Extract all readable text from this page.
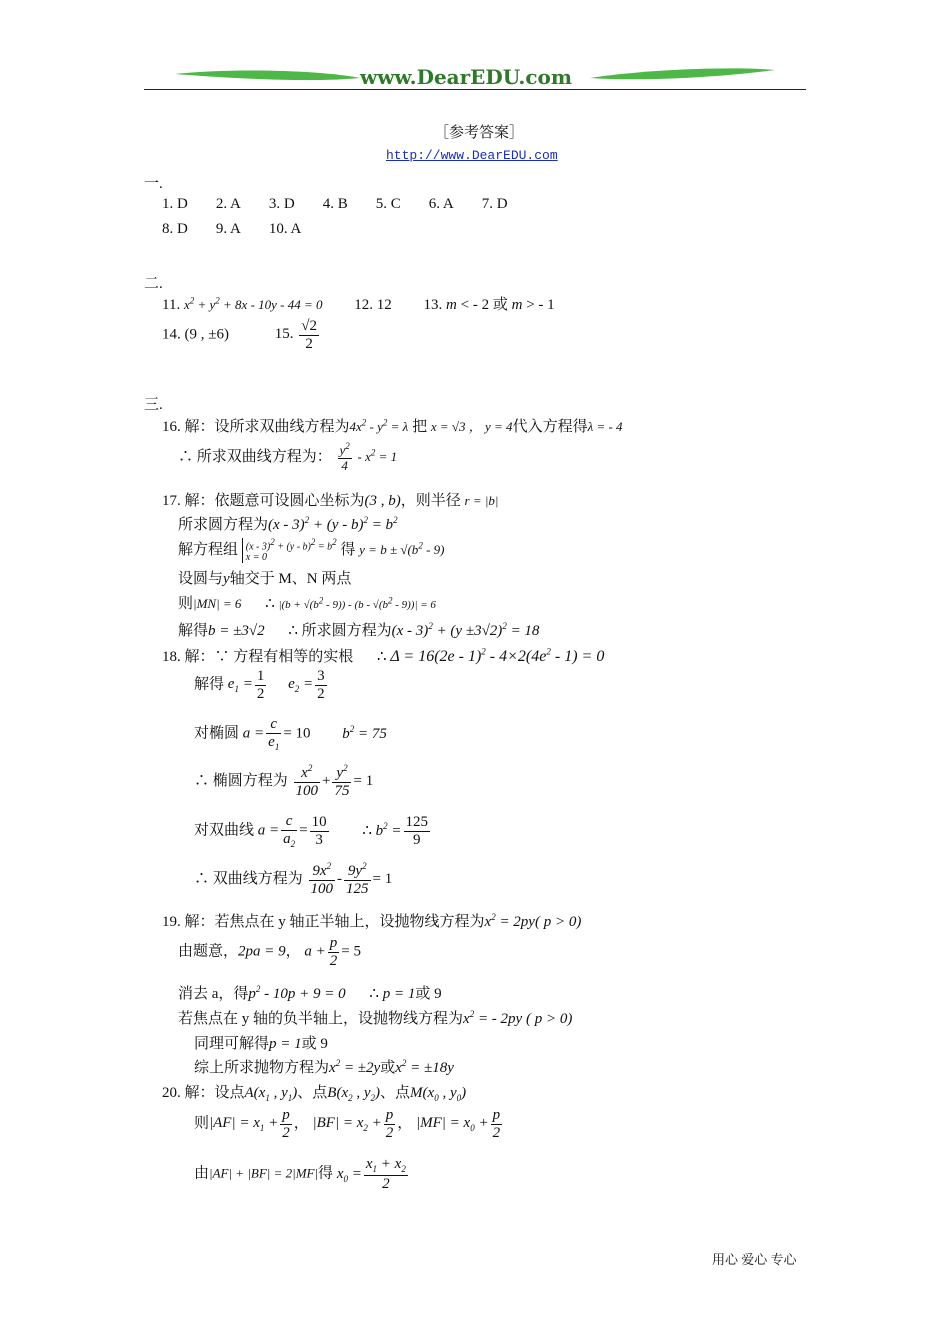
www.DearEDU.com
［参考答案］
http://www.DearEDU.com
一.
1. D 2. A 3. D 4. B 5. C 6. A 7. D
8. D 9. A 10. A
二.
11. $x^2 + y^2 + 8x - 10y - 44 = 0$ 12. 12 13. m < - 2 或 m > - 1
14. (9 , ±6)	15. $\frac{√2}{2}$
三.
16. 解：设所求双曲线方程为$4x^2 - y^2 = \lambda$ 把 x = √3 ， y = 4代入方程得λ = - 4
∴ 所求双曲线方程为： $\frac{y^2}{4} - x^2 = 1$
17. 解：依题意可设圆心坐标为(3 , b)，则半径 r = |b|
所求圆方程为$(x - 3)^2 + (y - b)^2 = b^2$
解方程组 $(x - 3)^2 + (y - b)^2 = b^2$
x = 0	得 $y = b \pm √(b^2 - 9)$
设圆与y轴交于 M、N 两点
则|MN| = 6 ∴ $|(b + √(b^2 - 9)) - (b - √(b^2 - 9))| = 6$
解得b = ±3√2 ∴ 所求圆方程为$(x - 3)^2 + (y \pm 3√2)^2 = 18$
18. 解：∵ 方程有相等的实根 ∴ $\Delta = 16(2e - 1)^2 - 4\times 2(4e^2 - 1) = 0$
解得 $e_1 = \frac{1}{2} e_2 = \frac{3}{2}$
对椭圆 $a = \frac{c}{e_1} = 10$ $b^2 = 75$
∴ 椭圆方程为 $\frac{x^2}{100} + \frac{y^2}{75} = 1$
对双曲线 $a = \frac{c}{a_2} = \frac{10}{3}$ ∴ $b^2 = \frac{125}{9}$
∴ 双曲线方程为 $\frac{9x^2}{100} - \frac{9y^2}{125} = 1$
19. 解：若焦点在 y 轴正半轴上，设抛物线方程为$x^2 = 2py$( p > 0)
由题意，2pa = 9， $a + \frac{p}{2} = 5$
消去 a，得$p^2 - 10p + 9 = 0$ ∴ p = 1或 9
若焦点在 y 轴的负半轴上，设抛物线方程为$x^2$ = - 2py ( p > 0)
同理可解得p = 1或 9
综上所求抛物方程为$x^2 = \pm 2y$或$x^2 = \pm 18y$
20. 解：设点$A(x_1$ , $y_1$)、点$B(x_2$ , $y_2$)、点$M(x_0$ , $y_0$)
则$|AF| = x_1 + \frac{p}{2}$ ， $|BF| = x_2 + \frac{p}{2}$ ， $|MF| = x_0 + \frac{p}{2}$
由|AF| + |BF| = 2|MF|得 $x_0 = \frac{x_1 + x_2}{2}$
用心 爱心 专心
